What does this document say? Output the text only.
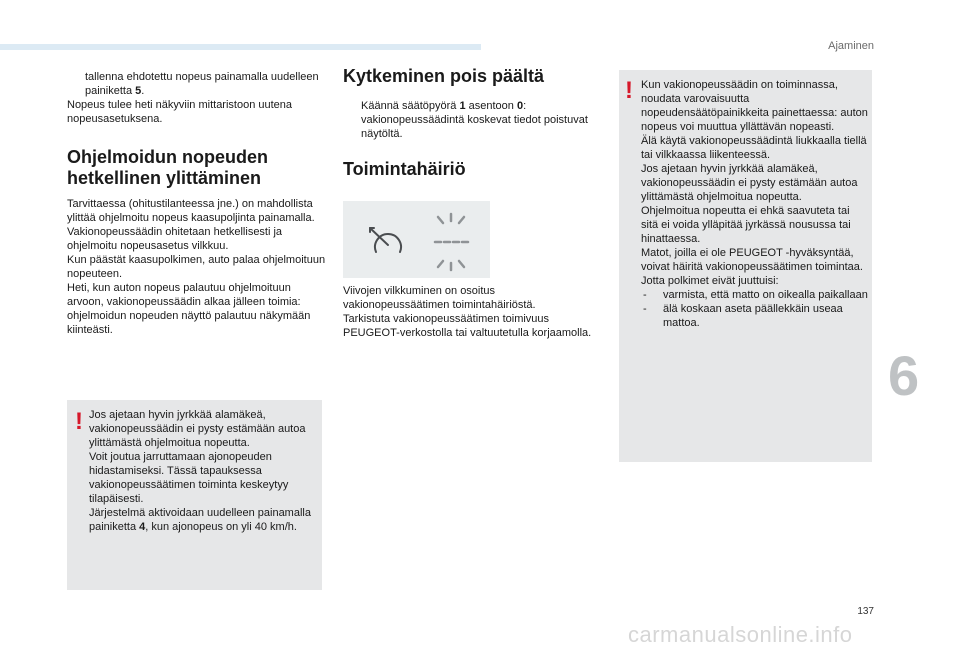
Ajaminen

tallenna ehdotettu nopeus painamalla uudelleen painiketta 5.

Nopeus tulee heti näkyviin mittaristoon uutena nopeusasetuksena.

Ohjelmoidun nopeuden
hetkellinen ylittäminen

Tarvittaessa (ohitustilanteessa jne.) on mahdollista ylittää ohjelmoitu nopeus kaasupoljinta painamalla.

Vakionopeussäädin ohitetaan hetkellisesti ja ohjelmoitu nopeusasetus vilkkuu.

Kun päästät kaasupolkimen, auto palaa ohjelmoituun nopeuteen.

Heti, kun auton nopeus palautuu ohjelmoituun arvoon, vakionopeussäädin alkaa jälleen toimia: ohjelmoidun nopeuden näyttö palautuu näkymään kiinteästi.

! Jos ajetaan hyvin jyrkkää alamäkeä, vakionopeussäädin ei pysty estämään autoa ylittämästä ohjelmoitua nopeutta.

Voit joutua jarruttamaan ajonopeuden hidastamiseksi. Tässä tapauksessa vakionopeussäätimen toiminta keskeytyy tilapäisesti.

Järjestelmä aktivoidaan uudelleen painamalla painiketta 4, kun ajonopeus on yli 40 km/h.

Kytkeminen pois päältä

Käännä säätöpyörä 1 asentoon 0: vakionopeussäädintä koskevat tiedot poistuvat näytöltä.

Toimintahäiriö

Viivojen vilkkuminen on osoitus vakionopeussäätimen toimintahäiriöstä.

Tarkistuta vakionopeussäätimen toimivuus PEUGEOT-verkostolla tai valtuutetulla korjaamolla.

! Kun vakionopeussäädin on toiminnassa, noudata varovaisuutta nopeudensäätöpainikkeita painettaessa: auton nopeus voi muuttua yllättävän nopeasti.

Älä käytä vakionopeussäädintä liukkaalla tiellä tai vilkkaassa liikenteessä.

Jos ajetaan hyvin jyrkkää alamäkeä, vakionopeussäädin ei pysty estämään autoa ylittämästä ohjelmoitua nopeutta.

Ohjelmoitua nopeutta ei ehkä saavuteta tai sitä ei voida ylläpitää jyrkässä nousussa tai hinattaessa.

Matot, joilla ei ole PEUGEOT -hyväksyntää, voivat häiritä vakionopeussäätimen toimintaa.

Jotta polkimet eivät juuttuisi:

- varmista, että matto on oikealla paikallaan

- älä koskaan aseta päällekkäin useaa mattoa.

6
137
carmanualsonline.info
